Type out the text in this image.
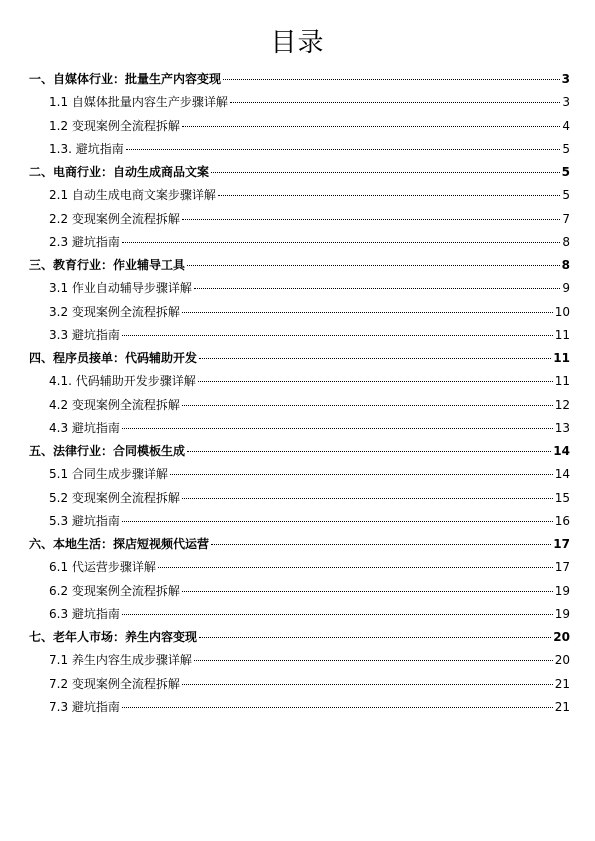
目录
一、自媒体行业：批量生产内容变现	3
1.1 自媒体批量内容生产步骤详解	3
1.2 变现案例全流程拆解	4
1.3. 避坑指南	5
二、电商行业：自动生成商品文案	5
2.1 自动生成电商文案步骤详解	5
2.2 变现案例全流程拆解	7
2.3 避坑指南	8
三、教育行业：作业辅导工具	8
3.1 作业自动辅导步骤详解	9
3.2 变现案例全流程拆解	10
3.3 避坑指南	11
四、程序员接单：代码辅助开发	11
4.1. 代码辅助开发步骤详解	11
4.2 变现案例全流程拆解	12
4.3 避坑指南	13
五、法律行业：合同模板生成	14
5.1 合同生成步骤详解	14
5.2 变现案例全流程拆解	15
5.3 避坑指南	16
六、本地生活：探店短视频代运营	17
6.1 代运营步骤详解	17
6.2 变现案例全流程拆解	19
6.3 避坑指南	19
七、老年人市场：养生内容变现	20
7.1 养生内容生成步骤详解	20
7.2 变现案例全流程拆解	21
7.3 避坑指南	21
